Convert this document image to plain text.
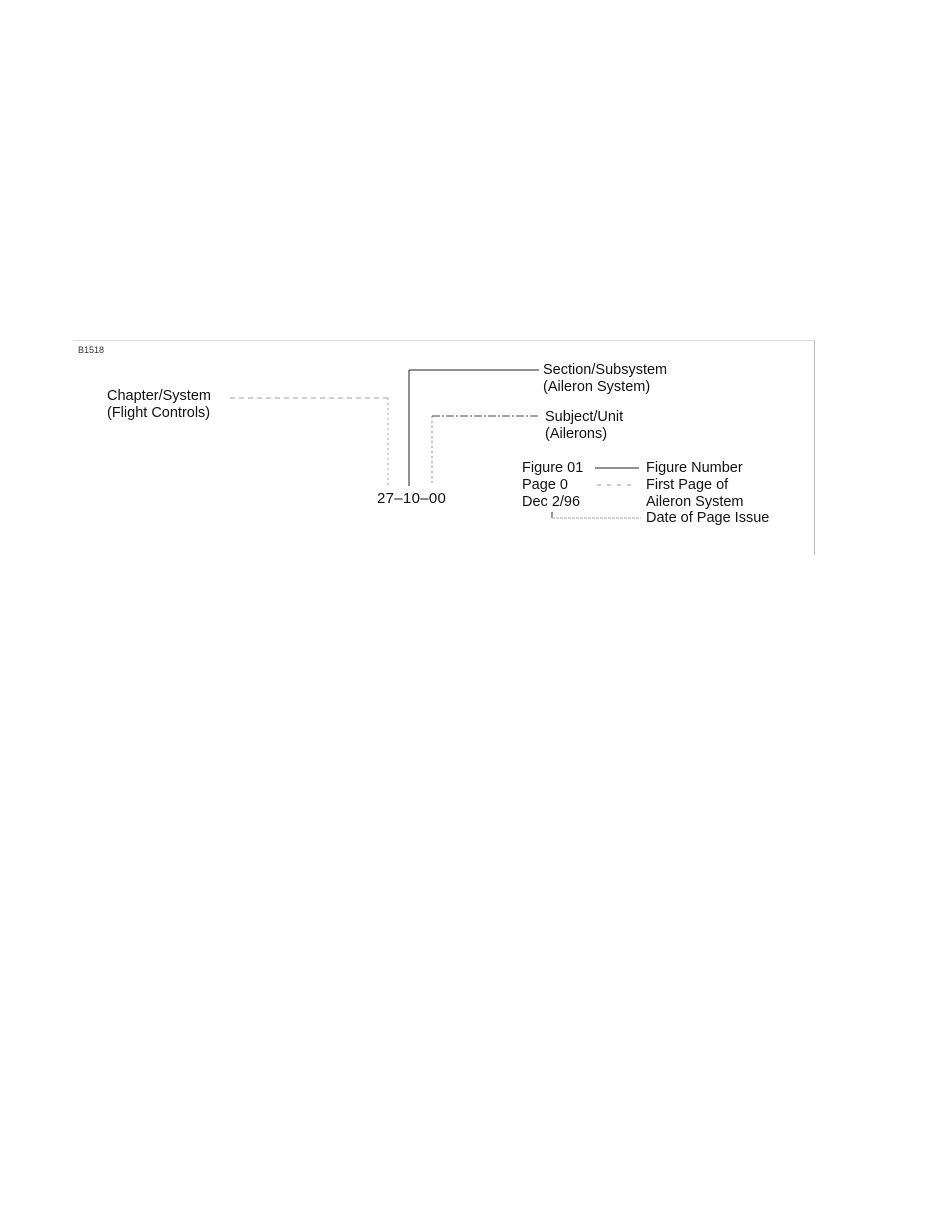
B1518
Chapter/System
(Flight Controls)
Section/Subsystem
(Aileron System)
Subject/Unit
(Ailerons)
27–10–00
Figure 01
Page 0
Dec 2/96
Figure Number
First Page of
Aileron System
Date of Page Issue
